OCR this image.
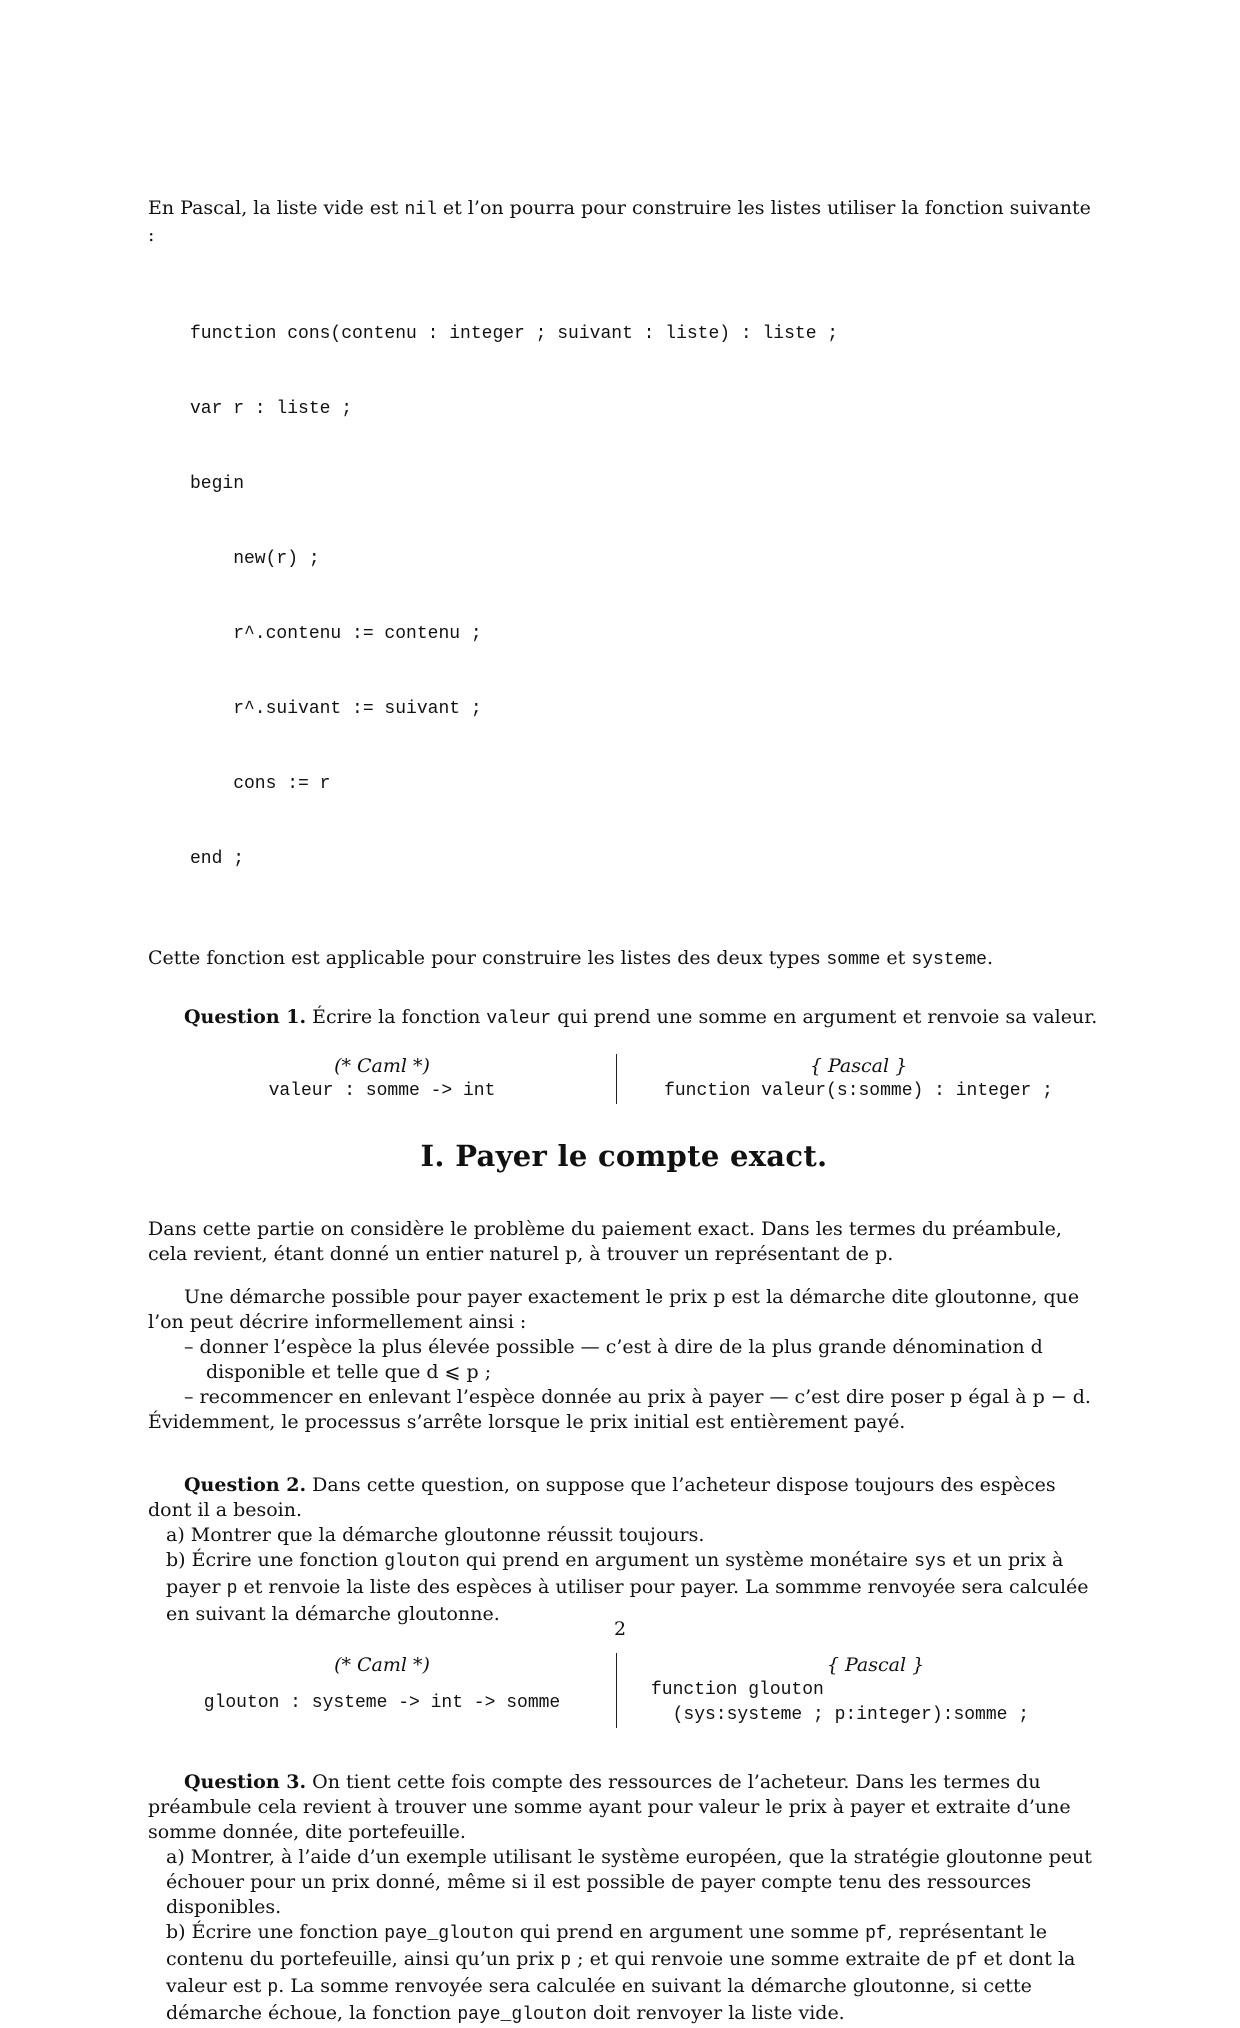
En Pascal, la liste vide est nil et l’on pourra pour construire les listes utiliser la fonction suivante :

function cons(contenu : integer ; suivant : liste) : liste ;

var r : liste ;

begin

new(r) ;

r^.contenu := contenu ;

r^.suivant := suivant ;

cons := r

end ;

Cette fonction est applicable pour construire les listes des deux types somme et systeme.

Question 1. Écrire la fonction valeur qui prend une somme en argument et renvoie sa valeur.

(* Caml *)
valeur : somme -> int
{ Pascal }
function valeur(s:somme) : integer ;
I. Payer le compte exact.

Dans cette partie on considère le problème du paiement exact. Dans les termes du préambule, cela revient, étant donné un entier naturel p, à trouver un représentant de p.

Une démarche possible pour payer exactement le prix p est la démarche dite gloutonne, que l’on peut décrire informellement ainsi :

– donner l’espèce la plus élevée possible — c’est à dire de la plus grande dénomination d disponible et telle que d ⩽ p ;

– recommencer en enlevant l’espèce donnée au prix à payer — c’est dire poser p égal à p − d.

Évidemment, le processus s’arrête lorsque le prix initial est entièrement payé.

Question 2. Dans cette question, on suppose que l’acheteur dispose toujours des espèces dont il a besoin.

a) Montrer que la démarche gloutonne réussit toujours.

b) Écrire une fonction glouton qui prend en argument un système monétaire sys et un prix à payer p et renvoie la liste des espèces à utiliser pour payer. La sommme renvoyée sera calculée en suivant la démarche gloutonne.

(* Caml *)
glouton : systeme -> int -> somme
{ Pascal }
function glouton
(sys:systeme ; p:integer):somme ;

Question 3. On tient cette fois compte des ressources de l’acheteur. Dans les termes du préambule cela revient à trouver une somme ayant pour valeur le prix à payer et extraite d’une somme donnée, dite portefeuille.

a) Montrer, à l’aide d’un exemple utilisant le système européen, que la stratégie gloutonne peut échouer pour un prix donné, même si il est possible de payer compte tenu des ressources disponibles.

b) Écrire une fonction paye_glouton qui prend en argument une somme pf, représentant le contenu du portefeuille, ainsi qu’un prix p ; et qui renvoie une somme extraite de pf et dont la valeur est p. La somme renvoyée sera calculée en suivant la démarche gloutonne, si cette démarche échoue, la fonction paye_glouton doit renvoyer la liste vide.

2
